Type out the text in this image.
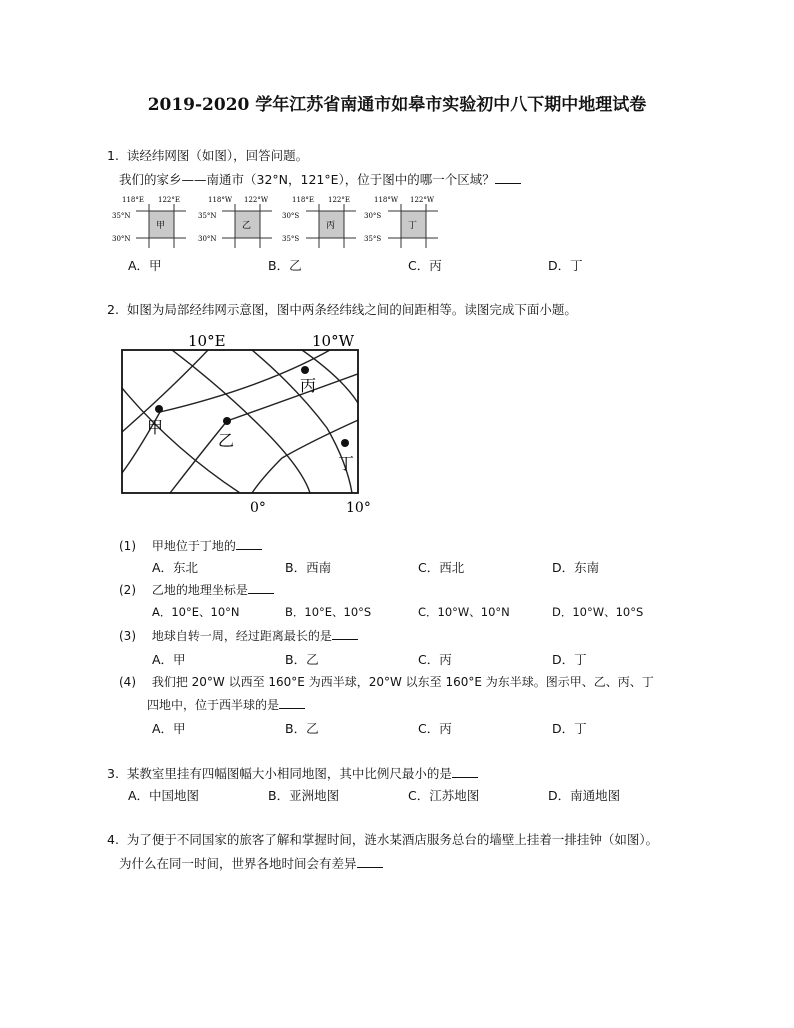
2019-2020 学年江苏省南通市如皋市实验初中八下期中地理试卷
1. 读经纬网图（如图），回答问题。
我们的家乡——南通市（32°N，121°E），位于图中的哪一个区域？
118°E 122°E
35°N
30°N
甲
118°W 122°W
35°N
30°N
乙
118°E 122°E
30°S
35°S
丙
118°W 122°W
30°S
35°S
丁
A．甲	B．乙	C．丙	D．丁
2. 如图为局部经纬网示意图，图中两条经纬线之间的间距相等。读图完成下面小题。
10°E	10°W
0°	10°
甲
乙
丙
丁
(1) 甲地位于丁地的
A．东北	B．西南	C．西北	D．东南
(2) 乙地的地理坐标是
A．10°E、10°N	B．10°E、10°S	C．10°W、10°N	D．10°W、10°S
(3) 地球自转一周，经过距离最长的是
A．甲	B．乙	C．丙	D．丁
(4) 我们把 20°W 以西至 160°E 为西半球，20°W 以东至 160°E 为东半球。图示甲、乙、丙、丁
四地中，位于西半球的是
A．甲	B．乙	C．丙	D．丁
3. 某教室里挂有四幅图幅大小相同地图，其中比例尺最小的是
A．中国地图	B．亚洲地图	C．江苏地图	D．南通地图
4. 为了便于不同国家的旅客了解和掌握时间，涟水某酒店服务总台的墙壁上挂着一排挂钟（如图）。
为什么在同一时间，世界各地时间会有差异
